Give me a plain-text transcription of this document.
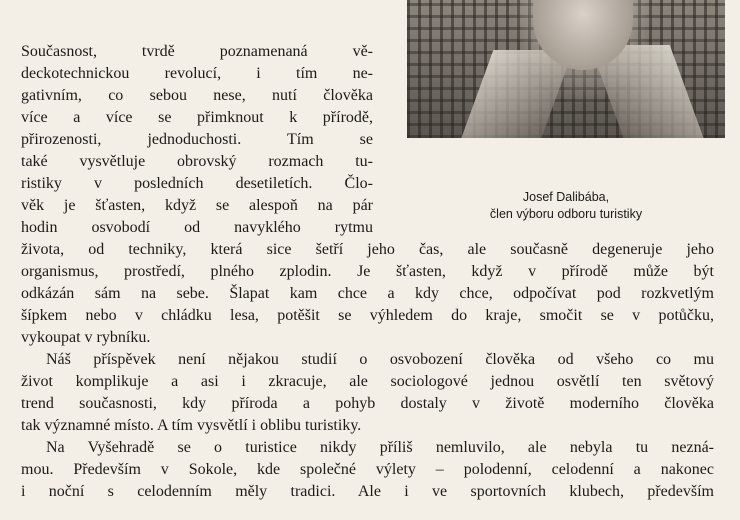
Josef Dalibába,
člen výboru odboru turistiky
Současnost, tvrdě poznamenaná vě-
deckotechnickou revolucí, i tím ne-
gativním, co sebou nese, nutí člověka
více a více se přimknout k přírodě,
přirozenosti, jednoduchosti. Tím se
také vysvětluje obrovský rozmach tu-
ristiky v posledních desetiletích. Člo-
věk je šťasten, když se alespoň na pár
hodin osvobodí od navyklého rytmu
života, od techniky, která sice šetří jeho čas, ale současně degeneruje jeho
organismus, prostředí, plného zplodin. Je šťasten, když v přírodě může být
odkázán sám na sebe. Šlapat kam chce a kdy chce, odpočívat pod rozkvetlým
šípkem nebo v chládku lesa, potěšit se výhledem do kraje, smočit se v potůčku,
vykoupat v rybníku.
Náš příspěvek není nějakou studií o osvobození člověka od všeho co mu
život komplikuje a asi i zkracuje, ale sociologové jednou osvětlí ten světový
trend současnosti, kdy příroda a pohyb dostaly v životě moderního člověka
tak významné místo. A tím vysvětlí i oblibu turistiky.
Na Vyšehradě se o turistice nikdy příliš nemluvilo, ale nebyla tu nezná-
mou. Především v Sokole, kde společné výlety – polodenní, celodenní a nakonec
i noční s celodenním měly tradici. Ale i ve sportovních klubech, především
